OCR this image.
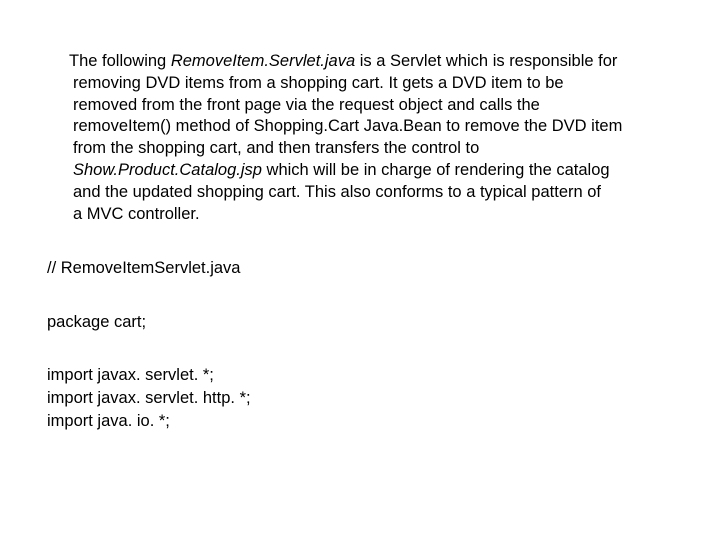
The following RemoveItem.Servlet.java is a Servlet which is responsible for
removing DVD items from a shopping cart. It gets a DVD item to be
removed from the front page via the request object and calls the
removeItem() method of Shopping.Cart Java.Bean to remove the DVD item
from the shopping cart, and then transfers the control to
Show.Product.Catalog.jsp which will be in charge of rendering the catalog
and the updated shopping cart. This also conforms to a typical pattern of
a MVC controller.

// RemoveItemServlet.java

package cart;

import javax. servlet. *;

import javax. servlet. http. *;

import java. io. *;
